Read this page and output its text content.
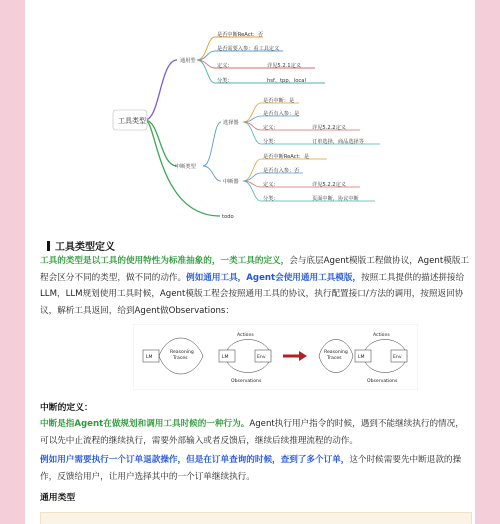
工具类型
通用型
是否中断ReAct：否
是否需要入参：看工具定义
定义：	详见5.2.1定义
分类：	hsf、tpp、local
中断类型
选择器
是否中断：是
是否有入参：是
定义：	详见5.2.2定义
分类：	订单选择，商品选择等
中断器
是否中断ReAct：是
是否有入参：否
定义：	详见5.2.2定义
分类：	页面中断，协议中断
todo
工具类型定义
工具的类型是以工具的使用特性为标准抽象的，一类工具的定义，会与底层Agent模版工程做协议，Agent模版工程会区分不同的类型，做不同的动作。例如通用工具，Agent会使用通用工具模版，按照工具提供的描述拼接给LLM，LLM规划使用工具时候，Agent模版工程会按照通用工具的协议，执行配置接口/方法的调用，按照返回协议，解析工具返回，给到Agent做Observations：
LM
Reasoning
Traces
Actions
LM	Env
Observations
Reasoning
Traces
Actions
LM	Env
Observations
中断的定义：
中断是指Agent在做规划和调用工具时候的一种行为。Agent执行用户指令的时候，遇到不能继续执行的情况，可以先中止流程的继续执行，需要外部输入或者反馈后，继续后续推理流程的动作。
例如用户需要执行一个订单退款操作，但是在订单查询的时候，查到了多个订单，这个时候需要先中断退款的操作，反馈给用户，让用户选择其中的一个订单继续执行。
通用类型
